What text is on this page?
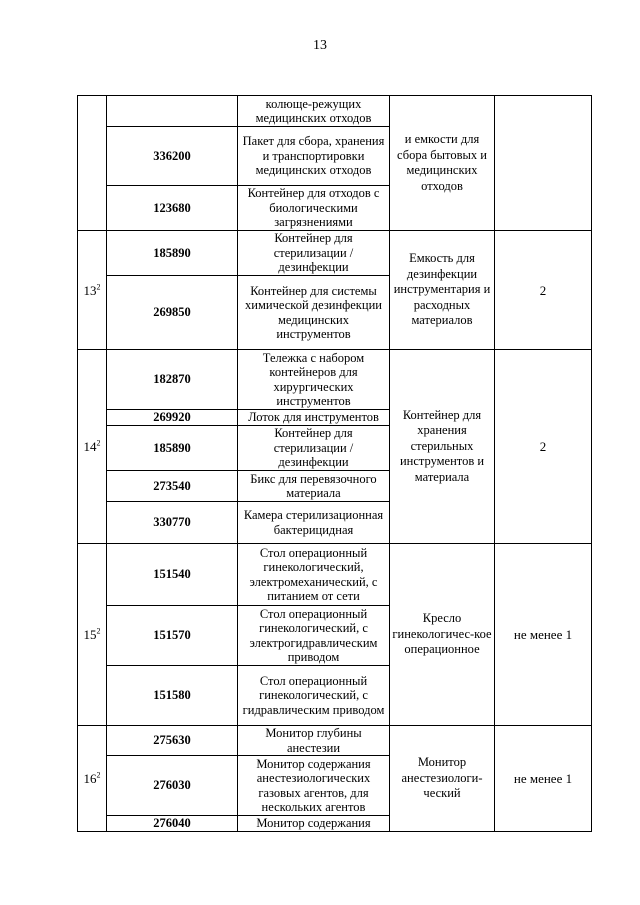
13
		колюще-режущих медицинских отходов	и емкости для сбора бытовых и медицинских отходов	
	336200	Пакет для сбора, хранения и транспортировки медицинских отходов		
	123680	Контейнер для отходов с биологическими загрязнениями		
$13^2$	185890	Контейнер для стерилизации /дезинфекции	Емкость для дезинфекции инструментария и расходных материалов	2
	269850	Контейнер для системы химической дезинфекции медицинских инструментов		
$14^2$	182870	Тележка с набором контейнеров для хирургических инструментов	Контейнер для хранения стерильных инструментов и материала	2
	269920	Лоток для инструментов		
	185890	Контейнер для стерилизации /дезинфекции		
	273540	Бикс для перевязочного материала		
	330770	Камера стерилизационная бактерицидная		
$15^2$	151540	Стол операционный гинекологический, электромеханический, с питанием от сети	Кресло гинекологичес-кое операционное	не менее 1
	151570	Стол операционный гинекологический, с электрогидравлическим приводом		
	151580	Стол операционный гинекологический, с гидравлическим приводом		
$16^2$	275630	Монитор глубины анестезии	Монитор анестезиологи-ческий	не менее 1
	276030	Монитор содержания анестезиологических газовых агентов, для нескольких агентов		
	276040	Монитор содержания		
